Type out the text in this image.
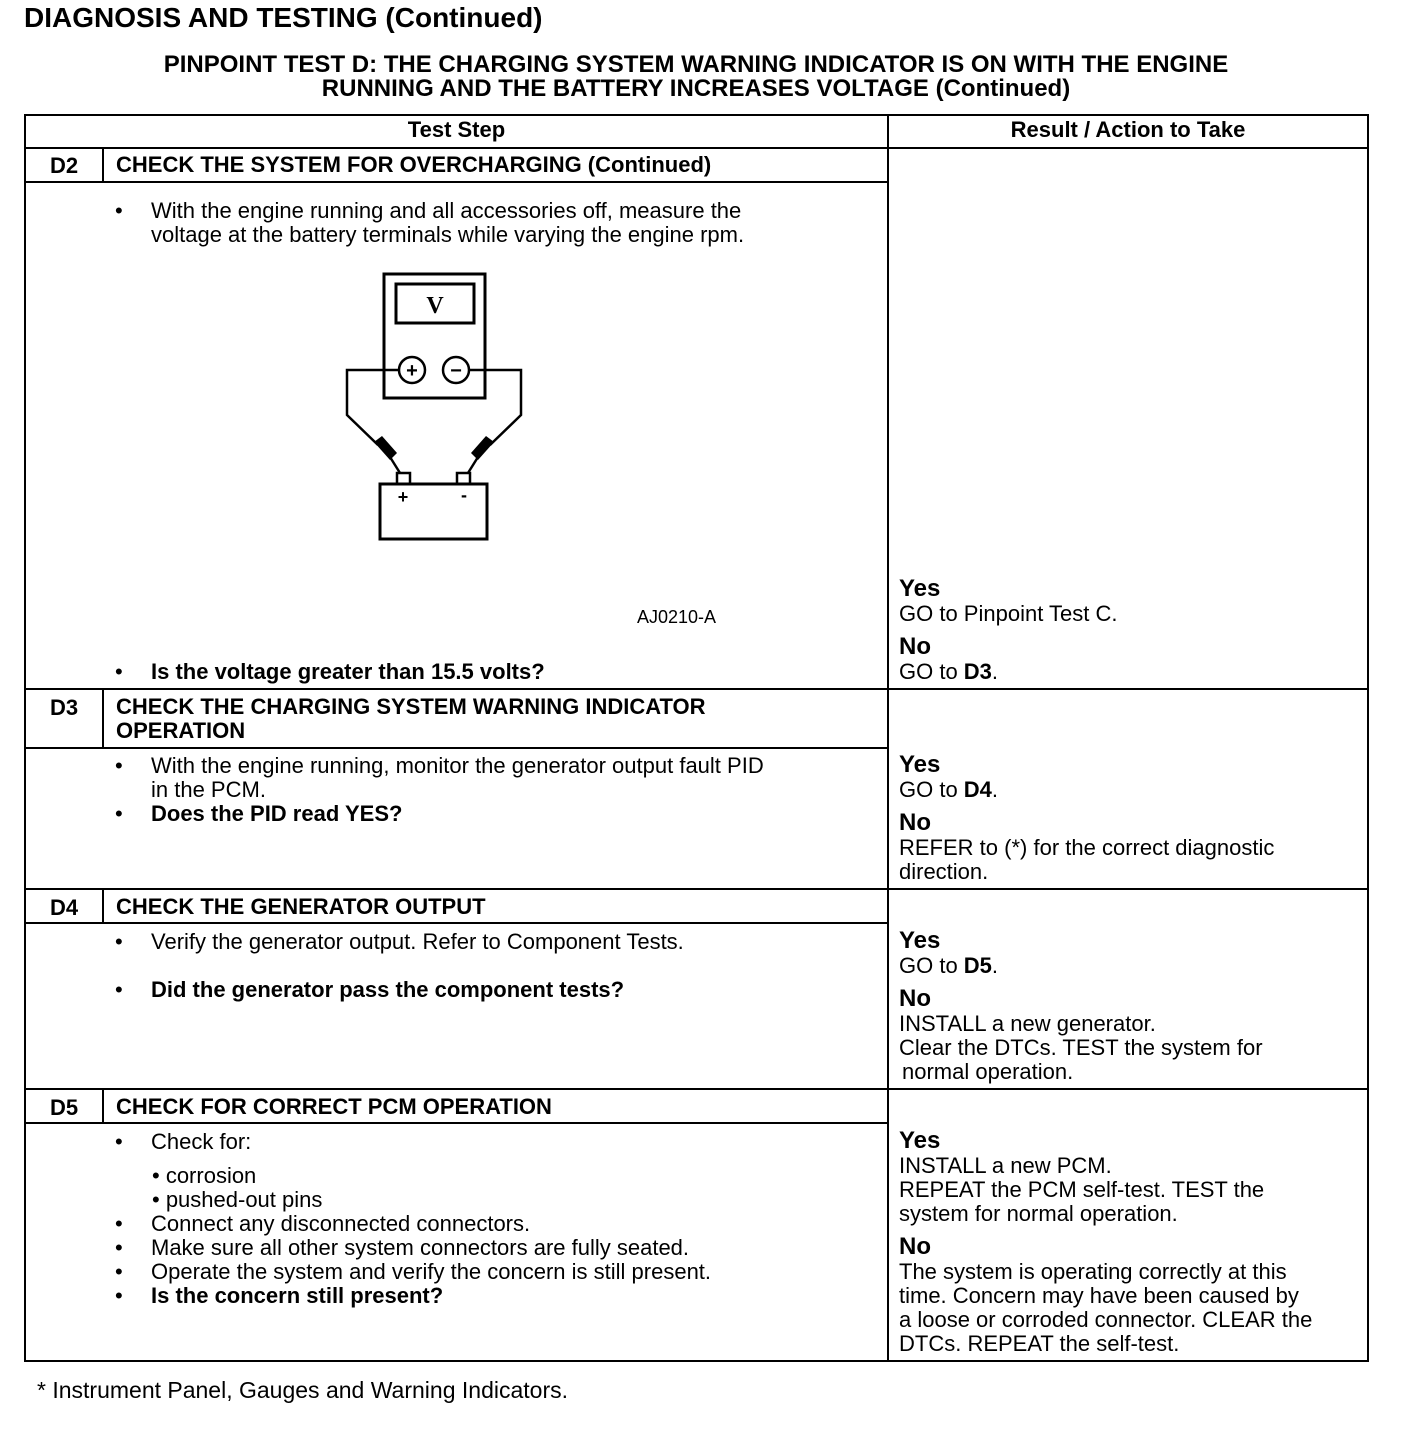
DIAGNOSIS AND TESTING (Continued)
PINPOINT TEST D: THE CHARGING SYSTEM WARNING INDICATOR IS ON WITH THE ENGINE
RUNNING AND THE BATTERY INCREASES VOLTAGE (Continued)
Test Step	Result / Action to Take
D2	CHECK THE SYSTEM FOR OVERCHARGING (Continued)
• With the engine running and all accessories off, measure the
voltage at the battery terminals while varying the engine rpm.
V
+ −
+	-
AJ0210-A
• Is the voltage greater than 15.5 volts?
Yes
GO to Pinpoint Test C.
No
GO to D3.
D3	CHECK THE CHARGING SYSTEM WARNING INDICATOR
OPERATION
• With the engine running, monitor the generator output fault PID
in the PCM.
• Does the PID read YES?
Yes
GO to D4.
No
REFER to (*) for the correct diagnostic
direction.
D4	CHECK THE GENERATOR OUTPUT
• Verify the generator output. Refer to Component Tests.
• Did the generator pass the component tests?
Yes
GO to D5.
No
INSTALL a new generator.
Clear the DTCs. TEST the system for
normal operation.
D5	CHECK FOR CORRECT PCM OPERATION
• Check for:
• corrosion
• pushed-out pins
• Connect any disconnected connectors.
• Make sure all other system connectors are fully seated.
• Operate the system and verify the concern is still present.
• Is the concern still present?
Yes
INSTALL a new PCM.
REPEAT the PCM self-test. TEST the
system for normal operation.
No
The system is operating correctly at this
time. Concern may have been caused by
a loose or corroded connector. CLEAR the
DTCs. REPEAT the self-test.
* Instrument Panel, Gauges and Warning Indicators.
